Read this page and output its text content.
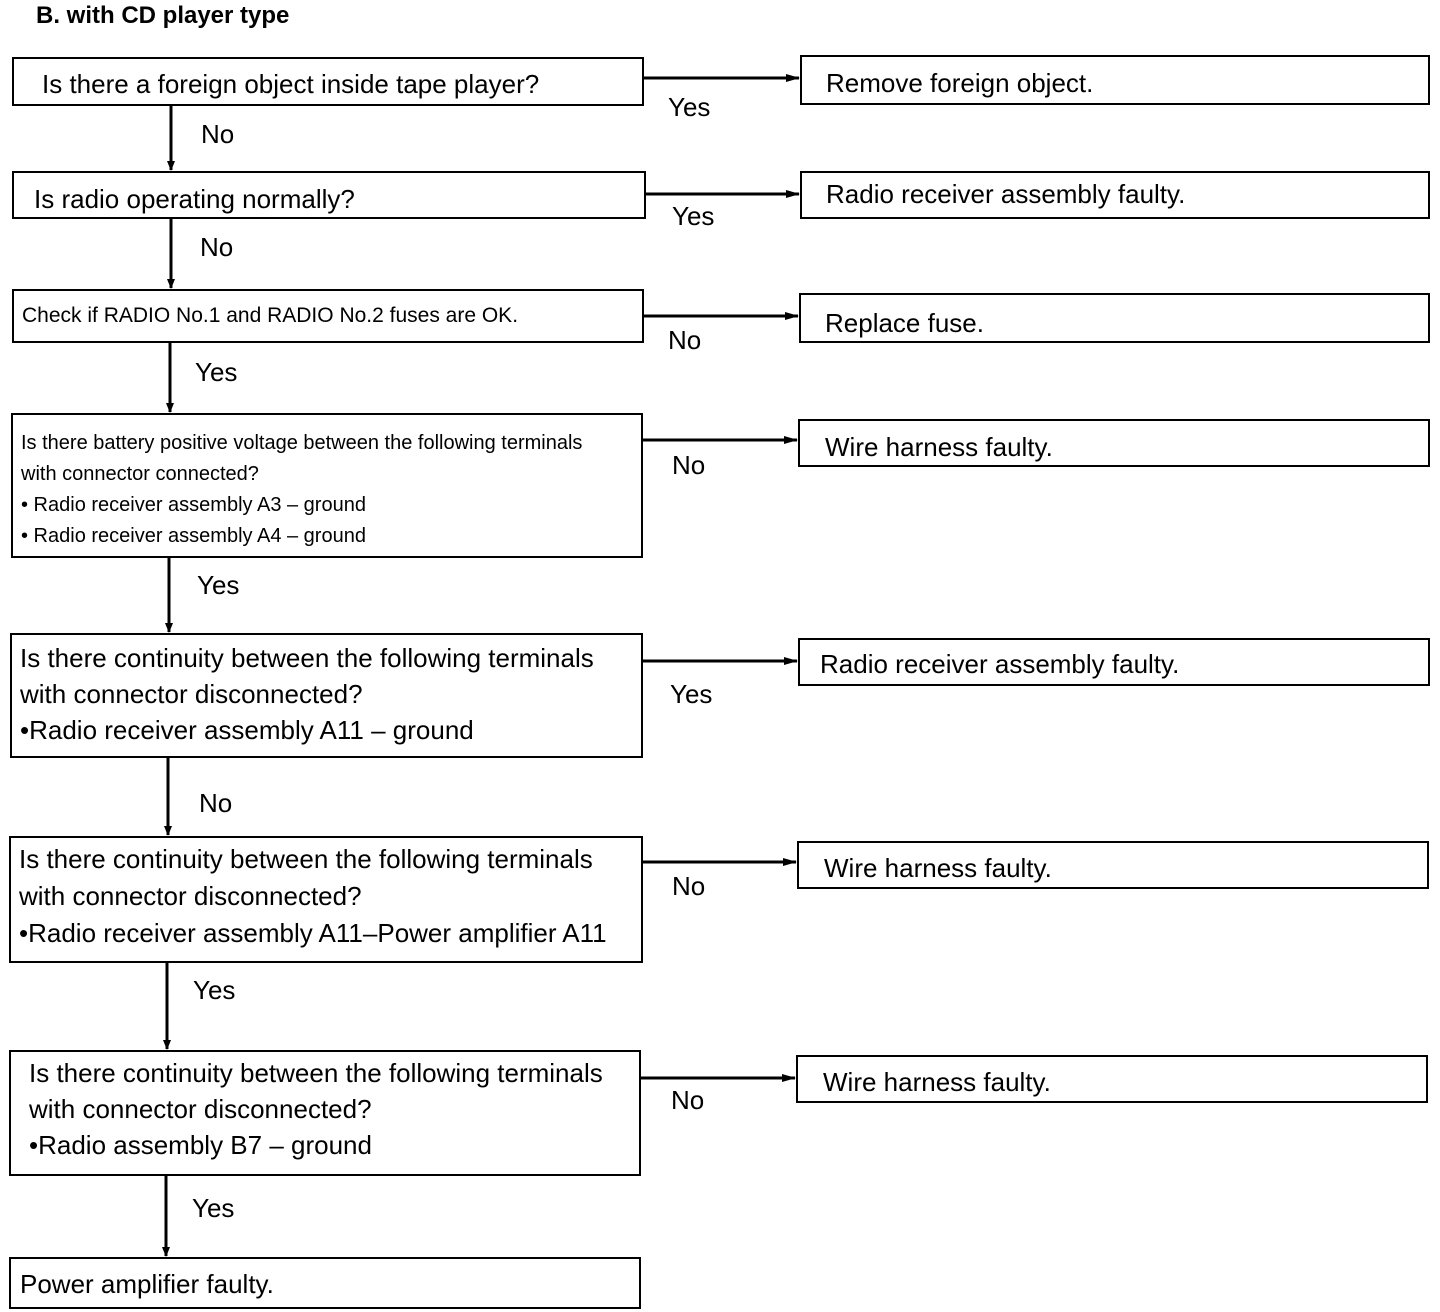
B. with CD player type
Is there a foreign object inside tape player?
Is radio operating normally?
Check if RADIO No.1 and RADIO No.2 fuses are OK.
Is there battery positive voltage between the following terminals
with connector connected?
• Radio receiver assembly A3 – ground
• Radio receiver assembly A4 – ground
Is there continuity between the following terminals
with connector disconnected?
•Radio receiver assembly A11 – ground
Is there continuity between the following terminals
with connector disconnected?
•Radio receiver assembly A11–Power amplifier A11
Is there continuity between the following terminals
with connector disconnected?
•Radio assembly B7 – ground
Power amplifier faulty.
Remove foreign object.
Radio receiver assembly faulty.
Replace fuse.
Wire harness faulty.
Radio receiver assembly faulty.
Wire harness faulty.
Wire harness faulty.
Yes
Yes
No
No
Yes
No
No
No
No
Yes
Yes
No
Yes
Yes
